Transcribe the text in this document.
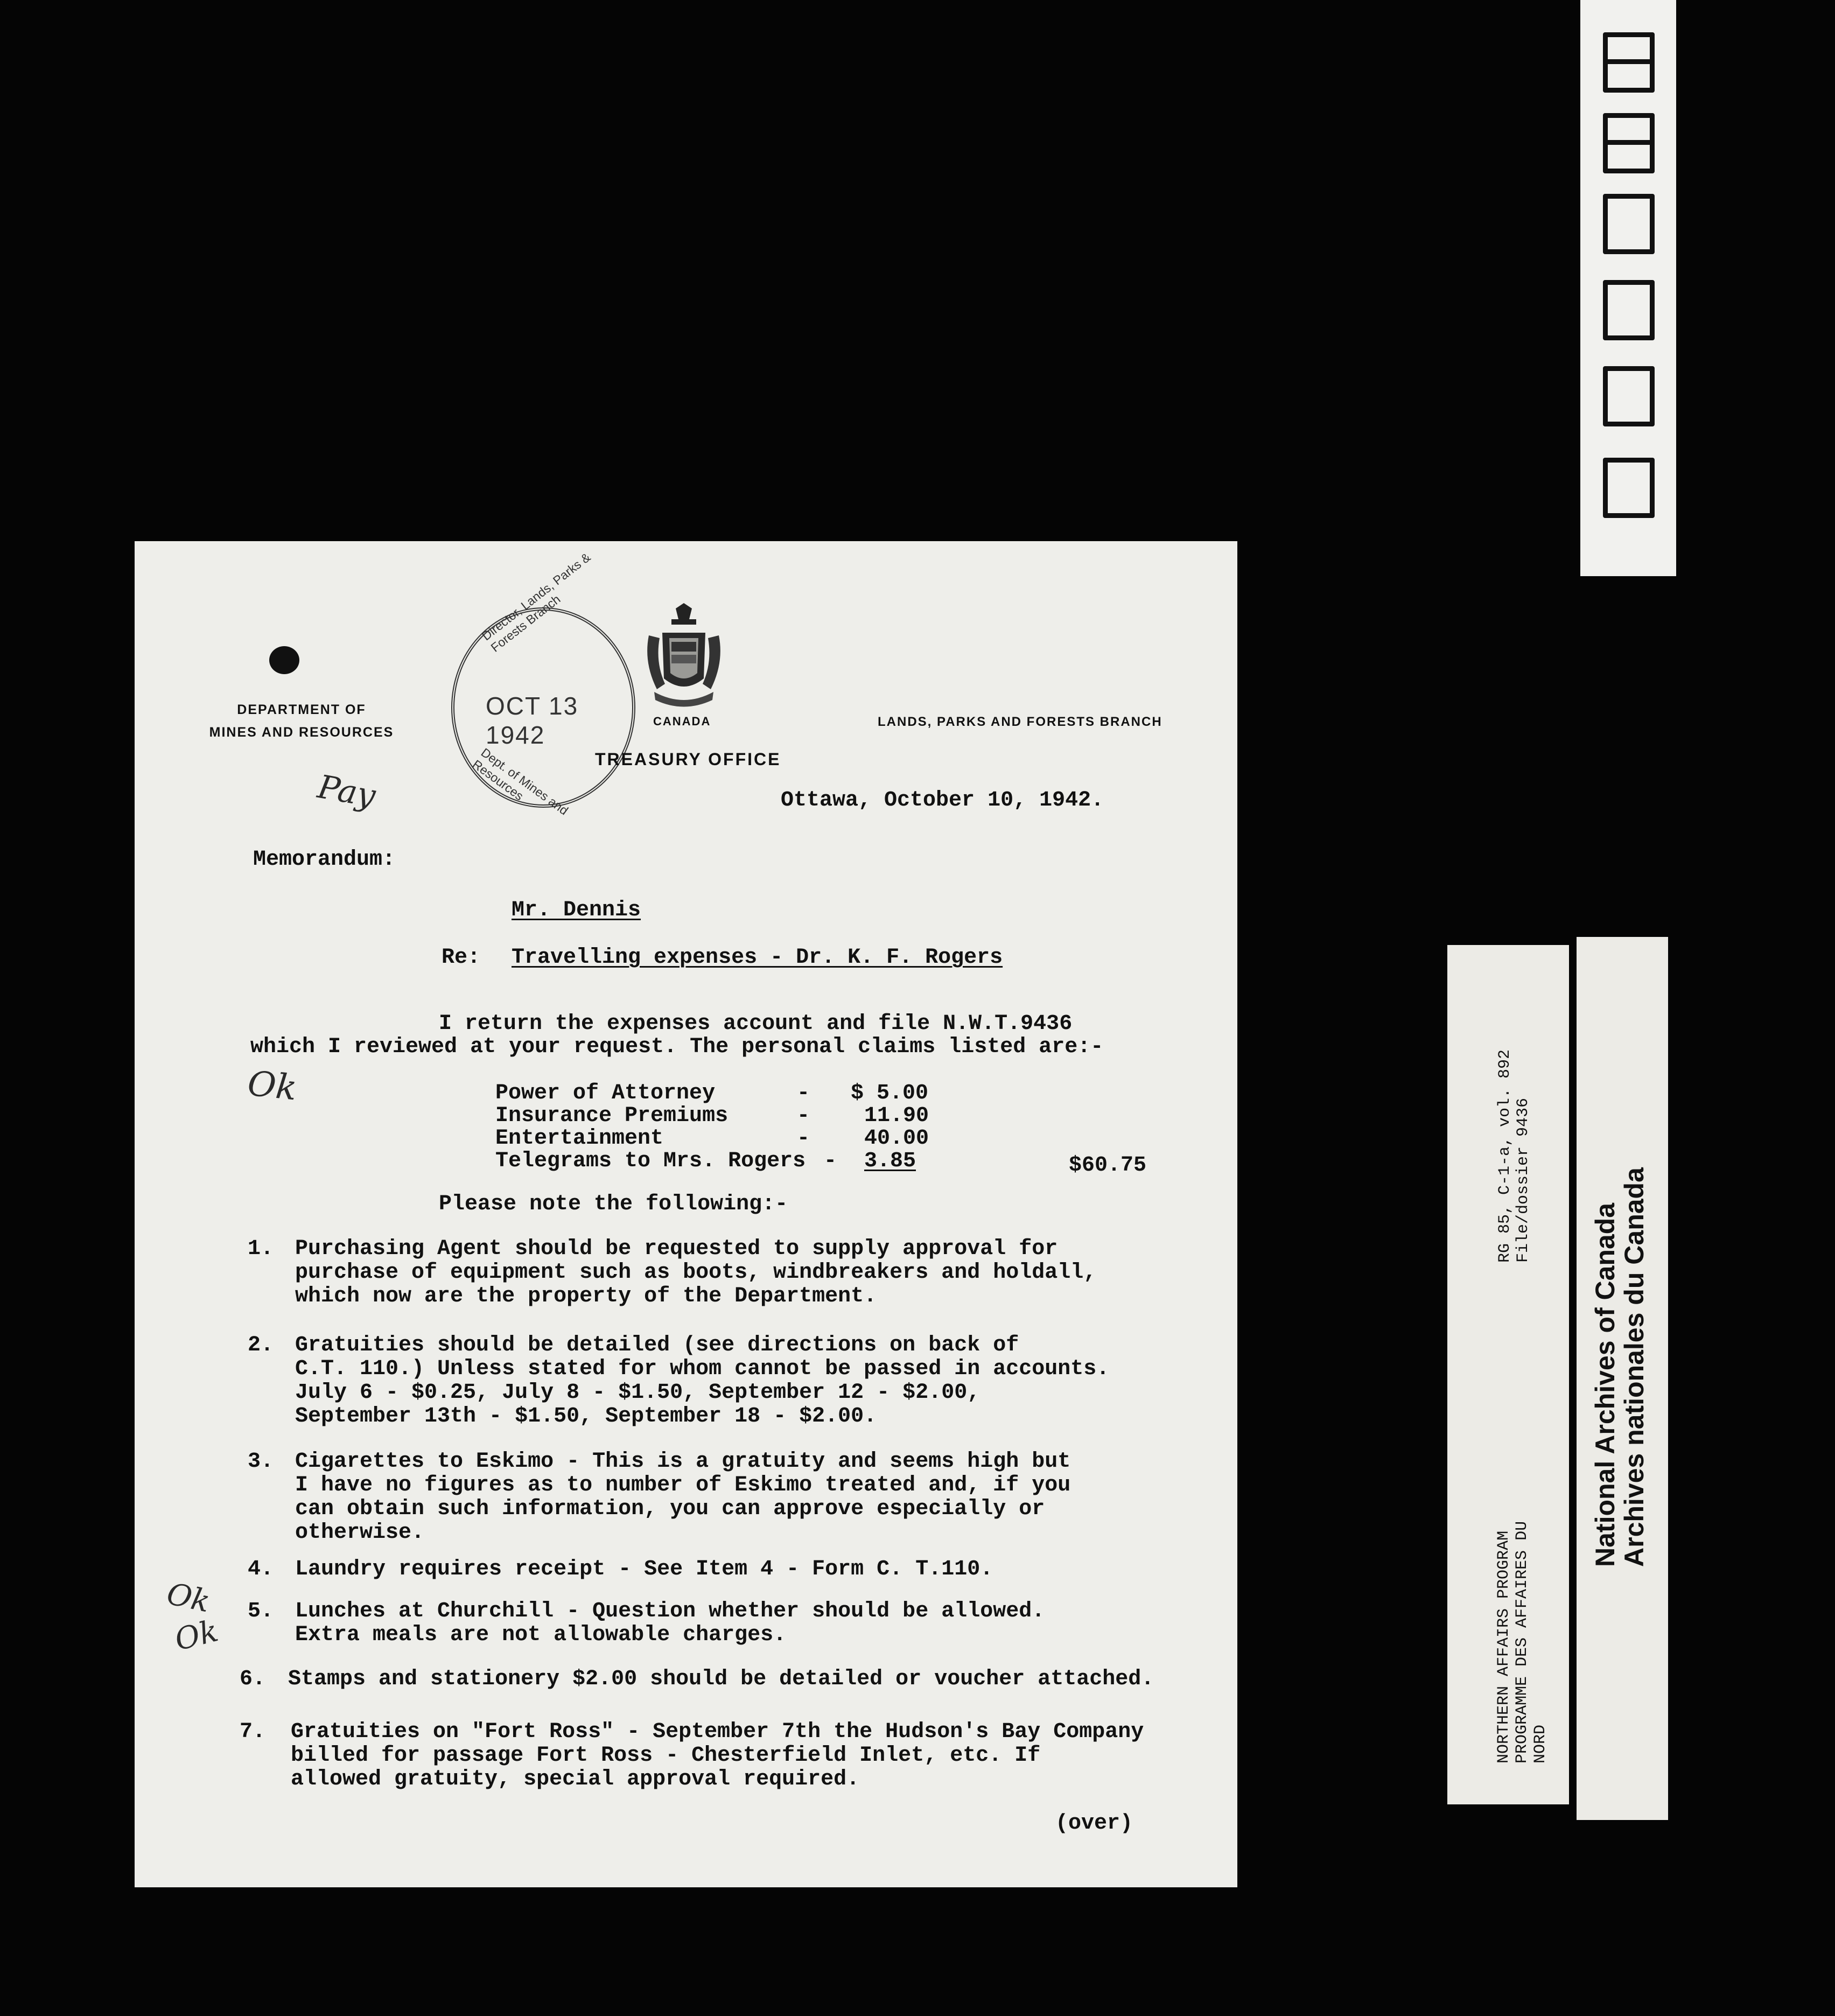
NORTHERN AFFAIRS PROGRAM PROGRAMME DES AFFAIRES DU NORD
RG 85, C-1-a, vol. 892 File/dossier 9436
National Archives of Canada
Archives nationales du Canada
DEPARTMENT OF
MINES AND RESOURCES
Director, Lands, Parks & Forests Branch
OCT 13 1942
Dept. of Mines and Resources
CANADA	LANDS, PARKS AND FORESTS BRANCH
TREASURY OFFICE
Pay	Ottawa, October 10, 1942.
Memorandum:
Mr. Dennis
Re: Travelling expenses - Dr. K. F. Rogers
I return the expenses account and file N.W.T.9436
which I reviewed at your request. The personal claims listed are:-
Ok	Power of Attorney	- $ 5.00
Insurance Premiums	-	11.90
Entertainment	-	40.00
Telegrams to Mrs. Rogers -	3.85	$60.75
Please note the following:-
1. Purchasing Agent should be requested to supply approval for
purchase of equipment such as boots, windbreakers and holdall,
which now are the property of the Department.
2. Gratuities should be detailed (see directions on back of
C.T. 110.) Unless stated for whom cannot be passed in accounts.
July 6 - $0.25, July 8 - $1.50, September 12 - $2.00,
September 13th - $1.50, September 18 - $2.00.
3. Cigarettes to Eskimo - This is a gratuity and seems high but
I have no figures as to number of Eskimo treated and, if you
can obtain such information, you can approve especially or
otherwise.
4. Laundry requires receipt - See Item 4 - Form C. T.110.
Ok
Ok
5. Lunches at Churchill - Question whether should be allowed.
Extra meals are not allowable charges.
6. Stamps and stationery $2.00 should be detailed or voucher attached.
7. Gratuities on "Fort Ross" - September 7th the Hudson's Bay Company
billed for passage Fort Ross - Chesterfield Inlet, etc. If
allowed gratuity, special approval required.
(over)
